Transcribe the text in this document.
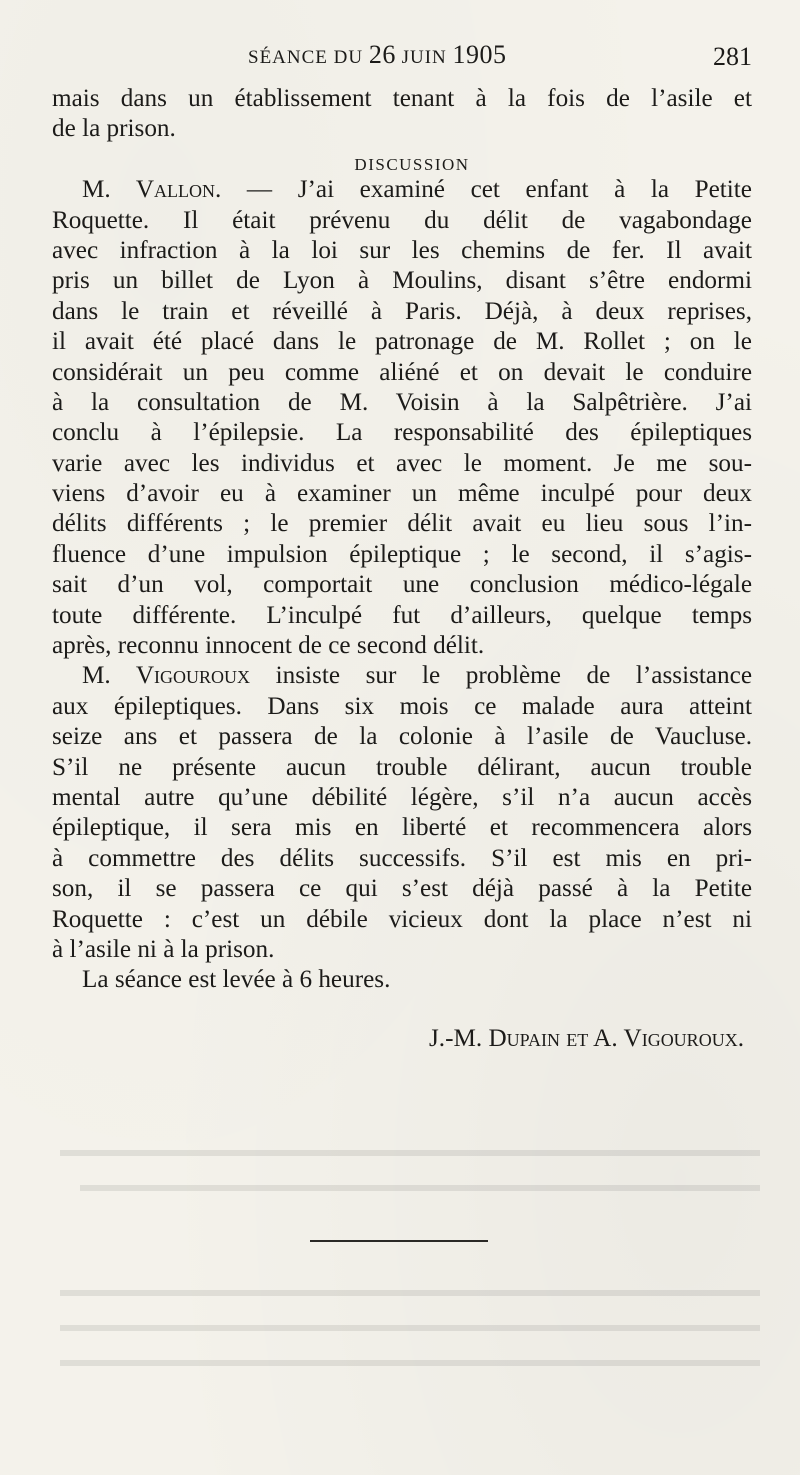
SÉANCE DU 26 JUIN 1905	281
mais dans un établissement tenant à la fois de l’asile et
de la prison.
DISCUSSION
M. Vallon. — J’ai examiné cet enfant à la Petite
Roquette. Il était prévenu du délit de vagabondage
avec infraction à la loi sur les chemins de fer. Il avait
pris un billet de Lyon à Moulins, disant s’être endormi
dans le train et réveillé à Paris. Déjà, à deux reprises,
il avait été placé dans le patronage de M. Rollet ; on le
considérait un peu comme aliéné et on devait le conduire
à la consultation de M. Voisin à la Salpêtrière. J’ai
conclu à l’épilepsie. La responsabilité des épileptiques
varie avec les individus et avec le moment. Je me sou-
viens d’avoir eu à examiner un même inculpé pour deux
délits différents ; le premier délit avait eu lieu sous l’in-
fluence d’une impulsion épileptique ; le second, il s’agis-
sait d’un vol, comportait une conclusion médico-légale
toute différente. L’inculpé fut d’ailleurs, quelque temps
après, reconnu innocent de ce second délit.
M. Vigouroux insiste sur le problème de l’assistance
aux épileptiques. Dans six mois ce malade aura atteint
seize ans et passera de la colonie à l’asile de Vaucluse.
S’il ne présente aucun trouble délirant, aucun trouble
mental autre qu’une débilité légère, s’il n’a aucun accès
épileptique, il sera mis en liberté et recommencera alors
à commettre des délits successifs. S’il est mis en pri-
son, il se passera ce qui s’est déjà passé à la Petite
Roquette : c’est un débile vicieux dont la place n’est ni
à l’asile ni à la prison.
La séance est levée à 6 heures.
J.-M. Dupain et A. Vigouroux.
